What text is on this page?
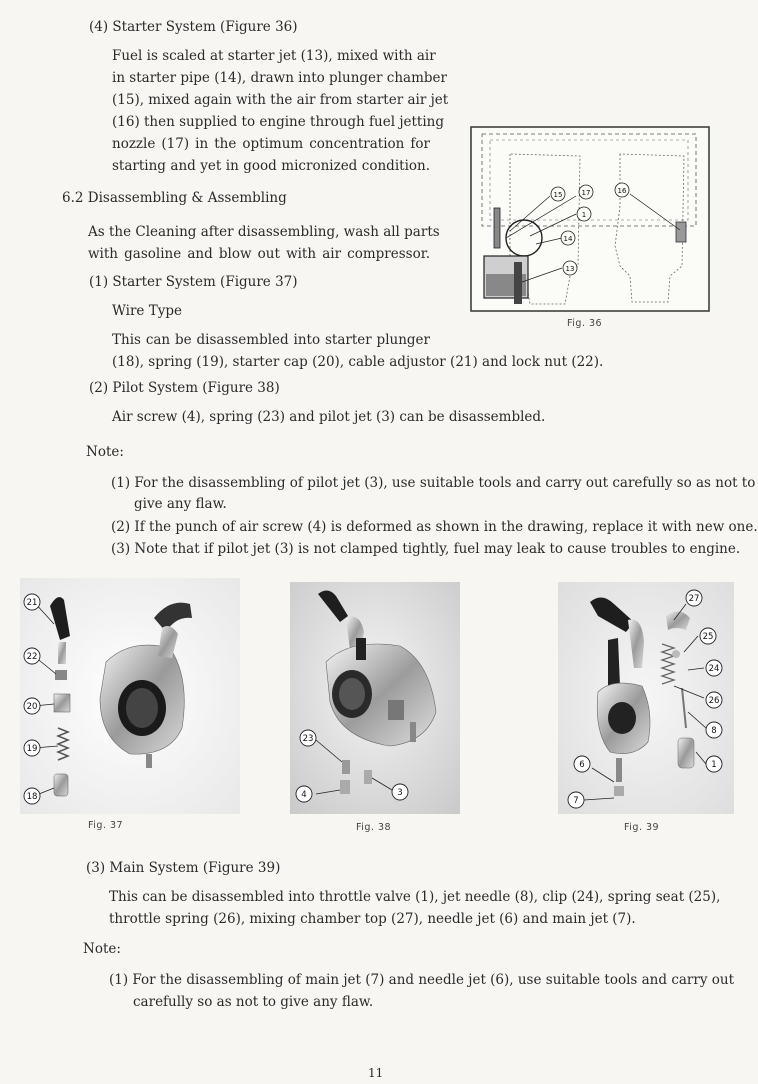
(4) Starter System (Figure 36)
Fuel is scaled at starter jet (13), mixed with air
in starter pipe (14), drawn into plunger chamber
(15), mixed again with the air from starter air jet
(16) then supplied to engine through fuel jetting
nozzle (17) in the optimum concentration for
starting and yet in good micronized condition.
6.2 Disassembling & Assembling
As the Cleaning after disassembling, wash all parts
with gasoline and blow out with air compressor.
(1) Starter System (Figure 37)
Wire Type
This can be disassembled into starter plunger
(18), spring (19), starter cap (20), cable adjustor (21) and lock nut (22).
(2) Pilot System (Figure 38)
Air screw (4), spring (23) and pilot jet (3) can be disassembled.
Note:
(1) For the disassembling of pilot jet (3), use suitable tools and carry out carefully so as not to
give any flaw.
(2) If the punch of air screw (4) is deformed as shown in the drawing, replace it with new one.
(3) Note that if pilot jet (3) is not clamped tightly, fuel may leak to cause troubles to engine.
15	17	16
1
14
13
Fig. 36
21
22
20
19
18
Fig. 37
23
4	3
Fig. 38
27
25
24
26
8
1
6
7
Fig. 39
(3) Main System (Figure 39)
This can be disassembled into throttle valve (1), jet needle (8), clip (24), spring seat (25),
throttle spring (26), mixing chamber top (27), needle jet (6) and main jet (7).
Note:
(1) For the disassembling of main jet (7) and needle jet (6), use suitable tools and carry out
carefully so as not to give any flaw.
11
